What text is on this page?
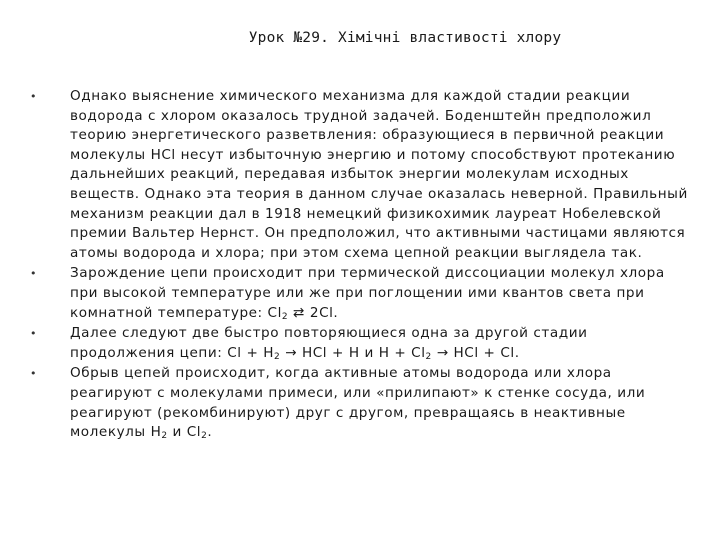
Урок №29. Хімічні властивості хлору
• Однако выяснение химического механизма для каждой стадии реакции водорода с хлором оказалось трудной задачей. Боденштейн предположил теорию энергетического разветвления: образующиеся в первичной реакции молекулы HCl несут избыточную энергию и потому способствуют протеканию дальнейших реакций, передавая избыток энергии молекулам исходных веществ. Однако эта теория в данном случае оказалась неверной. Правильный механизм реакции дал в 1918 немецкий физикохимик лауреат Нобелевской премии Вальтер Нернст. Он предположил, что активными частицами являются атомы водорода и хлора; при этом схема цепной реакции выглядела так.
• Зарождение цепи происходит при термической диссоциации молекул хлора при высокой температуре или же при поглощении ими квантов света при комнатной температуре: $Cl_2$ ⇄ 2Cl.
• Далее следуют две быстро повторяющиеся одна за другой стадии продолжения цепи: $Cl + H_2$ → HCl + H и $H + Cl_2$ → HCl + Cl.
• Обрыв цепей происходит, когда активные атомы водорода или хлора реагируют с молекулами примеси, или «прилипают» к стенке сосуда, или реагируют (рекомбинируют) друг с другом, превращаясь в неактивные молекулы $H_2$ и $Cl_2$.
